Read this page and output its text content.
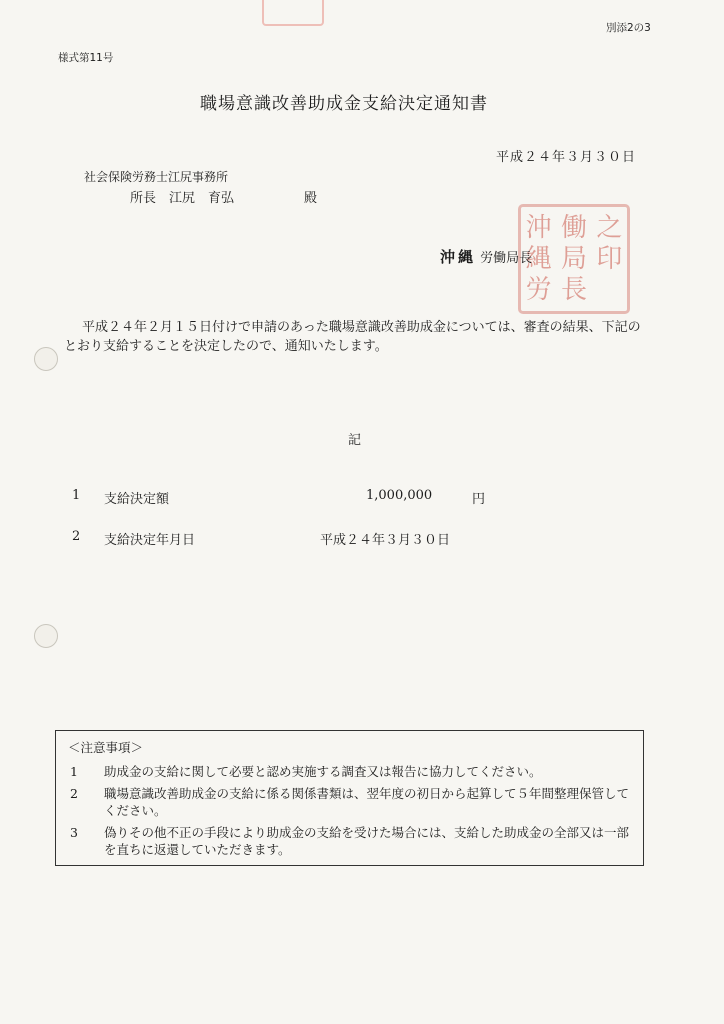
別添2の3
様式第11号
職場意識改善助成金支給決定通知書
平成２４年３月３０日
社会保険労務士江尻事務所
所長　江尻　育弘	殿
沖 働 之
縄 局 印
労 長

沖縄 労働局長
平成２４年２月１５日付けで申請のあった職場意識改善助成金については、審査の結果、下記のとおり支給することを決定したので、通知いたします。
記
1 支給決定額	1,000,000	円
2 支給決定年月日	平成２４年３月３０日
＜注意事項＞
1 助成金の支給に関して必要と認め実施する調査又は報告に協力してください。
2 職場意識改善助成金の支給に係る関係書類は、翌年度の初日から起算して５年間整理保管してください。
3 偽りその他不正の手段により助成金の支給を受けた場合には、支給した助成金の全部又は一部を直ちに返還していただきます。
